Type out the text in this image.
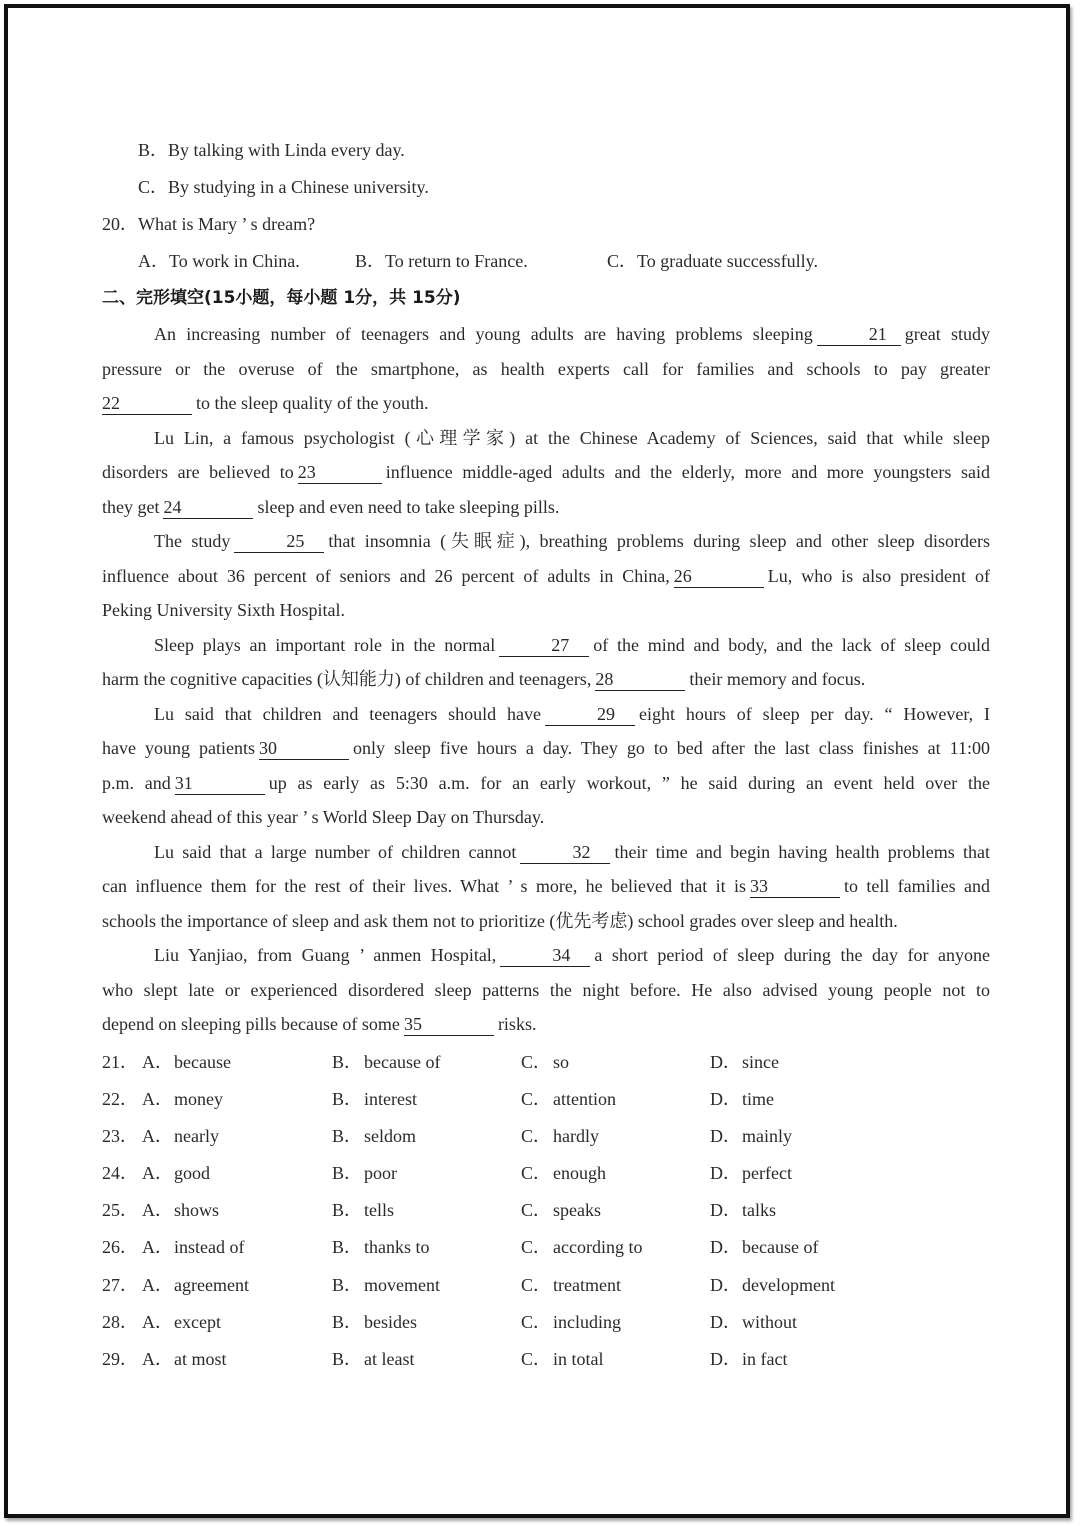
B．By talking with Linda every day.
C．By studying in a Chinese university.
20．What is Mary ’ s dream?
A．To work in China.	B．To return to France.	C．To graduate successfully.
二、完形填空(15小题，每小题 1分，共 15分)
An increasing number of teenagers and young adults are having problems sleeping	21 great study
pressure or the overuse of the smartphone, as health experts call for families and schools to pay greater
22	to the sleep quality of the youth.
Lu Lin, a famous psychologist (心理学家) at the Chinese Academy of Sciences, said that while sleep
disorders are believed to 23	influence middle-aged adults and the elderly, more and more youngsters said
they get 24	sleep and even need to take sleeping pills.
The study	25 that insomnia (失眠症), breathing problems during sleep and other sleep disorders
influence about 36 percent of seniors and 26 percent of adults in China, 26	Lu, who is also president of
Peking University Sixth Hospital.
Sleep plays an important role in the normal	27 of the mind and body, and the lack of sleep could
harm the cognitive capacities (认知能力) of children and teenagers, 28	their memory and focus.
Lu said that children and teenagers should have	29 eight hours of sleep per day. “ However, I
have young patients 30	only sleep five hours a day. They go to bed after the last class finishes at 11:00
p.m. and 31	up as early as 5:30 a.m. for an early workout, ” he said during an event held over the
weekend ahead of this year ’ s World Sleep Day on Thursday.
Lu said that a large number of children cannot	32 their time and begin having health problems that
can influence them for the rest of their lives. What ’ s more, he believed that it is 33	to tell families and
schools the importance of sleep and ask them not to prioritize (优先考虑) school grades over sleep and health.
Liu Yanjiao, from Guang ’ anmen Hospital,	34 a short period of sleep during the day for anyone
who slept late or experienced disordered sleep patterns the night before. He also advised young people not to
depend on sleeping pills because of some 35	risks.
21． A．because	B． because of	C． so	D．since
22． A．money	B． interest	C． attention	D．time
23． A．nearly	B． seldom	C． hardly	D．mainly
24． A．good	B． poor	C． enough	D．perfect
25． A．shows	B． tells	C． speaks	D．talks
26． A．instead of	B． thanks to	C． according to	D．because of
27． A．agreement	B． movement	C． treatment	D．development
28． A．except	B． besides	C． including	D．without
29． A．at most	B． at least	C． in total	D．in fact
